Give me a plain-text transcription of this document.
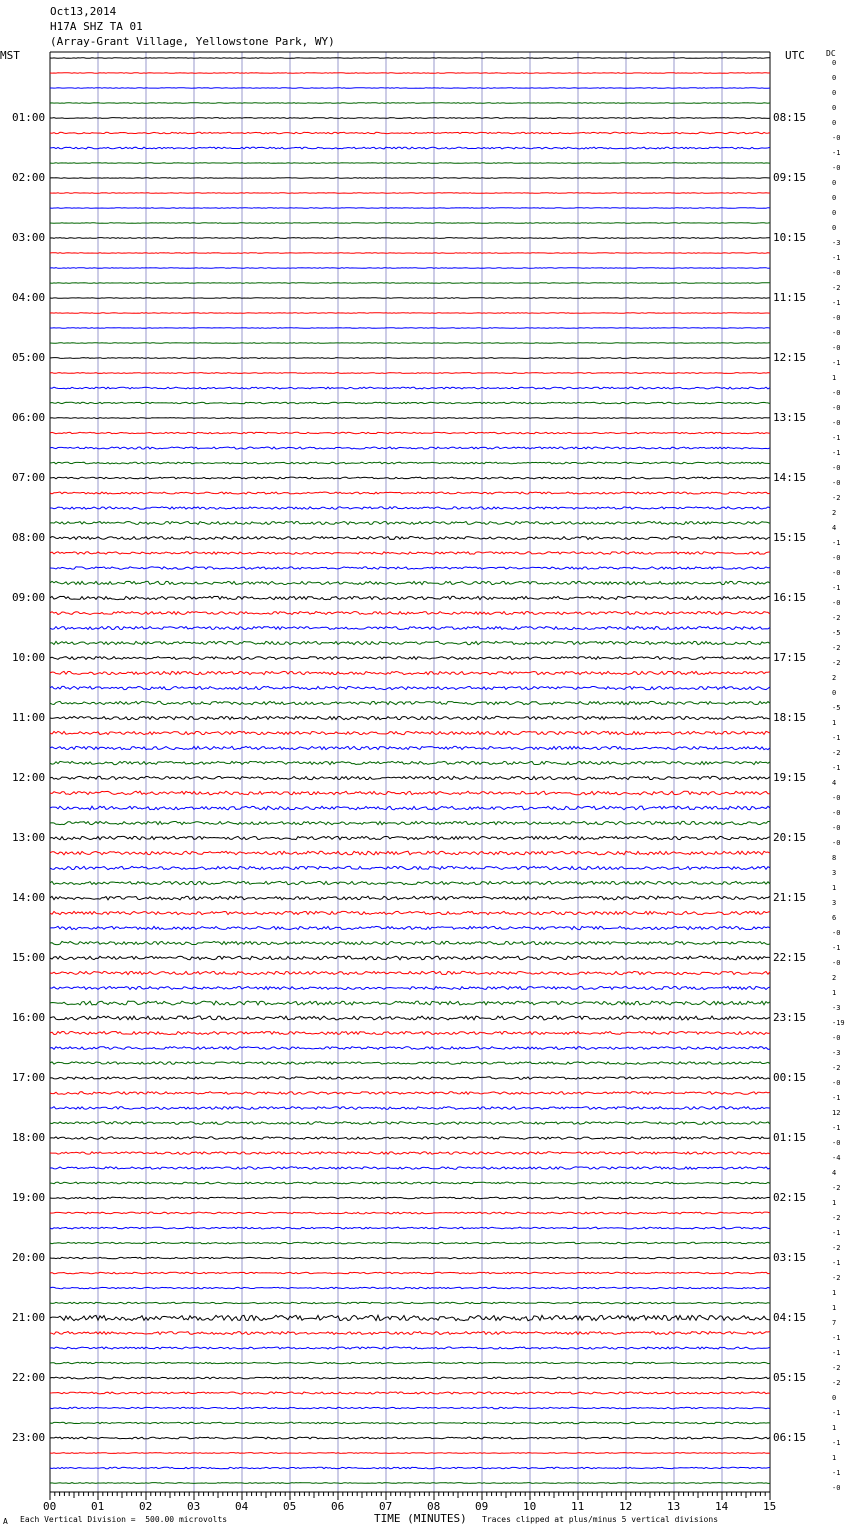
Oct13,2014
H17A SHZ TA 01
(Array-Grant Village, Yellowstone Park, WY)
MST	UTC	DC
00	01	02	03	04	05	06	07	08	09	10	11	12	13	14	15
01:00
02:00
03:00
04:00
05:00
06:00
07:00
08:00
09:00
10:00
11:00
12:00
13:00
14:00
15:00
16:00
17:00
18:00
19:00
20:00
21:00
22:00
23:00
08:15
09:15
10:15
11:15
12:15
13:15
14:15
15:15
16:15
17:15
18:15
19:15
20:15
21:15
22:15
23:15
00:15
01:15
02:15
03:15
04:15
05:15
06:15
0
0
0
0
0
-0
-1
-0
0
0
0
0
-3
-1
-0
-2
-1
-0
-0
-0
-1
1
-0
-0
-0
-1
-1
-0
-0
-2
2
4
-1
-0
-0
-1
-0
-2
-5
-2
-2
2
0
-5
1
-1
-2
-1
4
-0
-0
-0
-0
8
3
1
3
6
-0
-1
-0
2
1
-3
-19
-0
-3
-2
-0
-1
12
-1
-0
-4
4
-2
1
-2
-1
-2
-1
-2
1
1
7
-1
-1
-2
-2
0
-1
1
-1
1
-1
-0
A Each Vertical Division =  500.00 microvolts	TIME (MINUTES) Traces clipped at plus/minus 5 vertical divisions
